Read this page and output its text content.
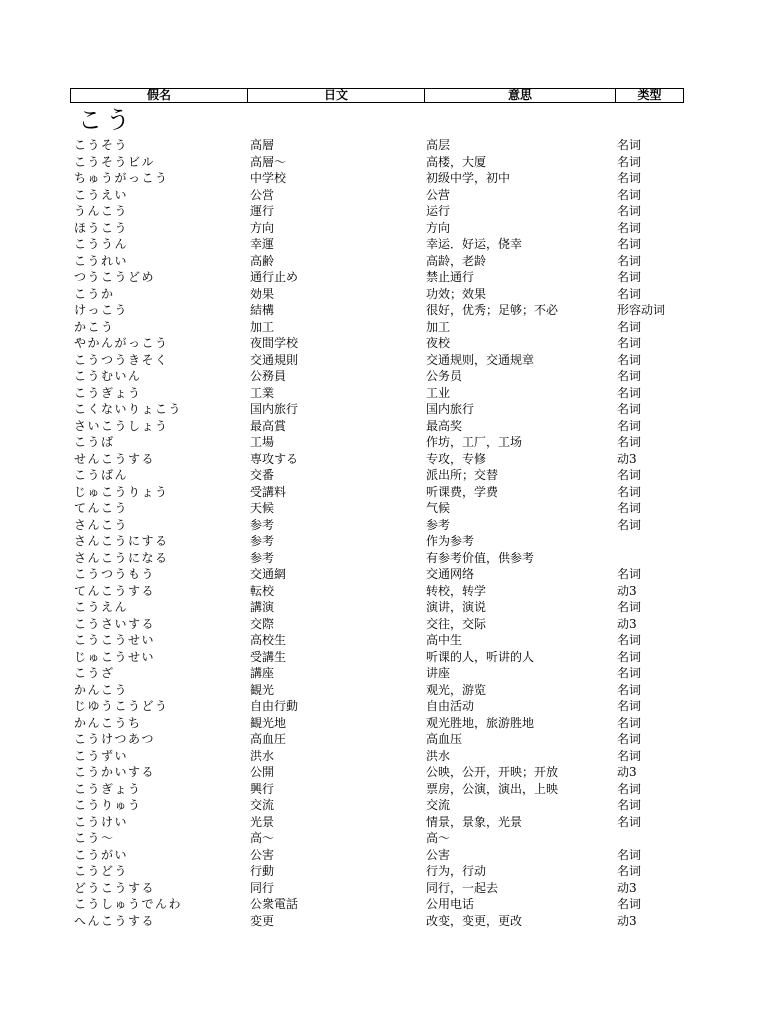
假名	日文	意思	类型
こう
こうそう	高層	高层	名词
こうそうビル	高層～	高楼，大厦	名词
ちゅうがっこう	中学校	初级中学，初中	名词
こうえい	公営	公营	名词
うんこう	運行	运行	名词
ほうこう	方向	方向	名词
こううん	幸運	幸运．好运，侥幸	名词
こうれい	高齢	高龄，老龄	名词
つうこうどめ	通行止め	禁止通行	名词
こうか	効果	功效；效果	名词
けっこう	結構	很好，优秀；足够；不必	形容动词
かこう	加工	加工	名词
やかんがっこう	夜間学校	夜校	名词
こうつうきそく	交通規則	交通规则，交通规章	名词
こうむいん	公務員	公务员	名词
こうぎょう	工業	工业	名词
こくないりょこう	国内旅行	国内旅行	名词
さいこうしょう	最高賞	最高奖	名词
こうば	工場	作坊，工厂，工场	名词
せんこうする	専攻する	专攻，专修	动3
こうばん	交番	派出所；交替	名词
じゅこうりょう	受講料	听课费，学费	名词
てんこう	天候	气候	名词
さんこう	参考	参考	名词
さんこうにする	参考	作为参考
さんこうになる	参考	有参考价值，供参考
こうつうもう	交通網	交通网络	名词
てんこうする	転校	转校，转学	动3
こうえん	講演	演讲，演说	名词
こうさいする	交際	交往，交际	动3
こうこうせい	高校生	高中生	名词
じゅこうせい	受講生	听课的人，听讲的人	名词
こうざ	講座	讲座	名词
かんこう	観光	观光，游览	名词
じゆうこうどう	自由行動	自由活动	名词
かんこうち	観光地	观光胜地，旅游胜地	名词
こうけつあつ	高血圧	高血压	名词
こうずい	洪水	洪水	名词
こうかいする	公開	公映，公开，开映；开放	动3
こうぎょう	興行	票房，公演，演出，上映	名词
こうりゅう	交流	交流	名词
こうけい	光景	情景，景象，光景	名词
こう～	高～	高～
こうがい	公害	公害	名词
こうどう	行動	行为，行动	名词
どうこうする	同行	同行，一起去	动3
こうしゅうでんわ	公衆電話	公用电话	名词
へんこうする	変更	改变，变更，更改	动3
